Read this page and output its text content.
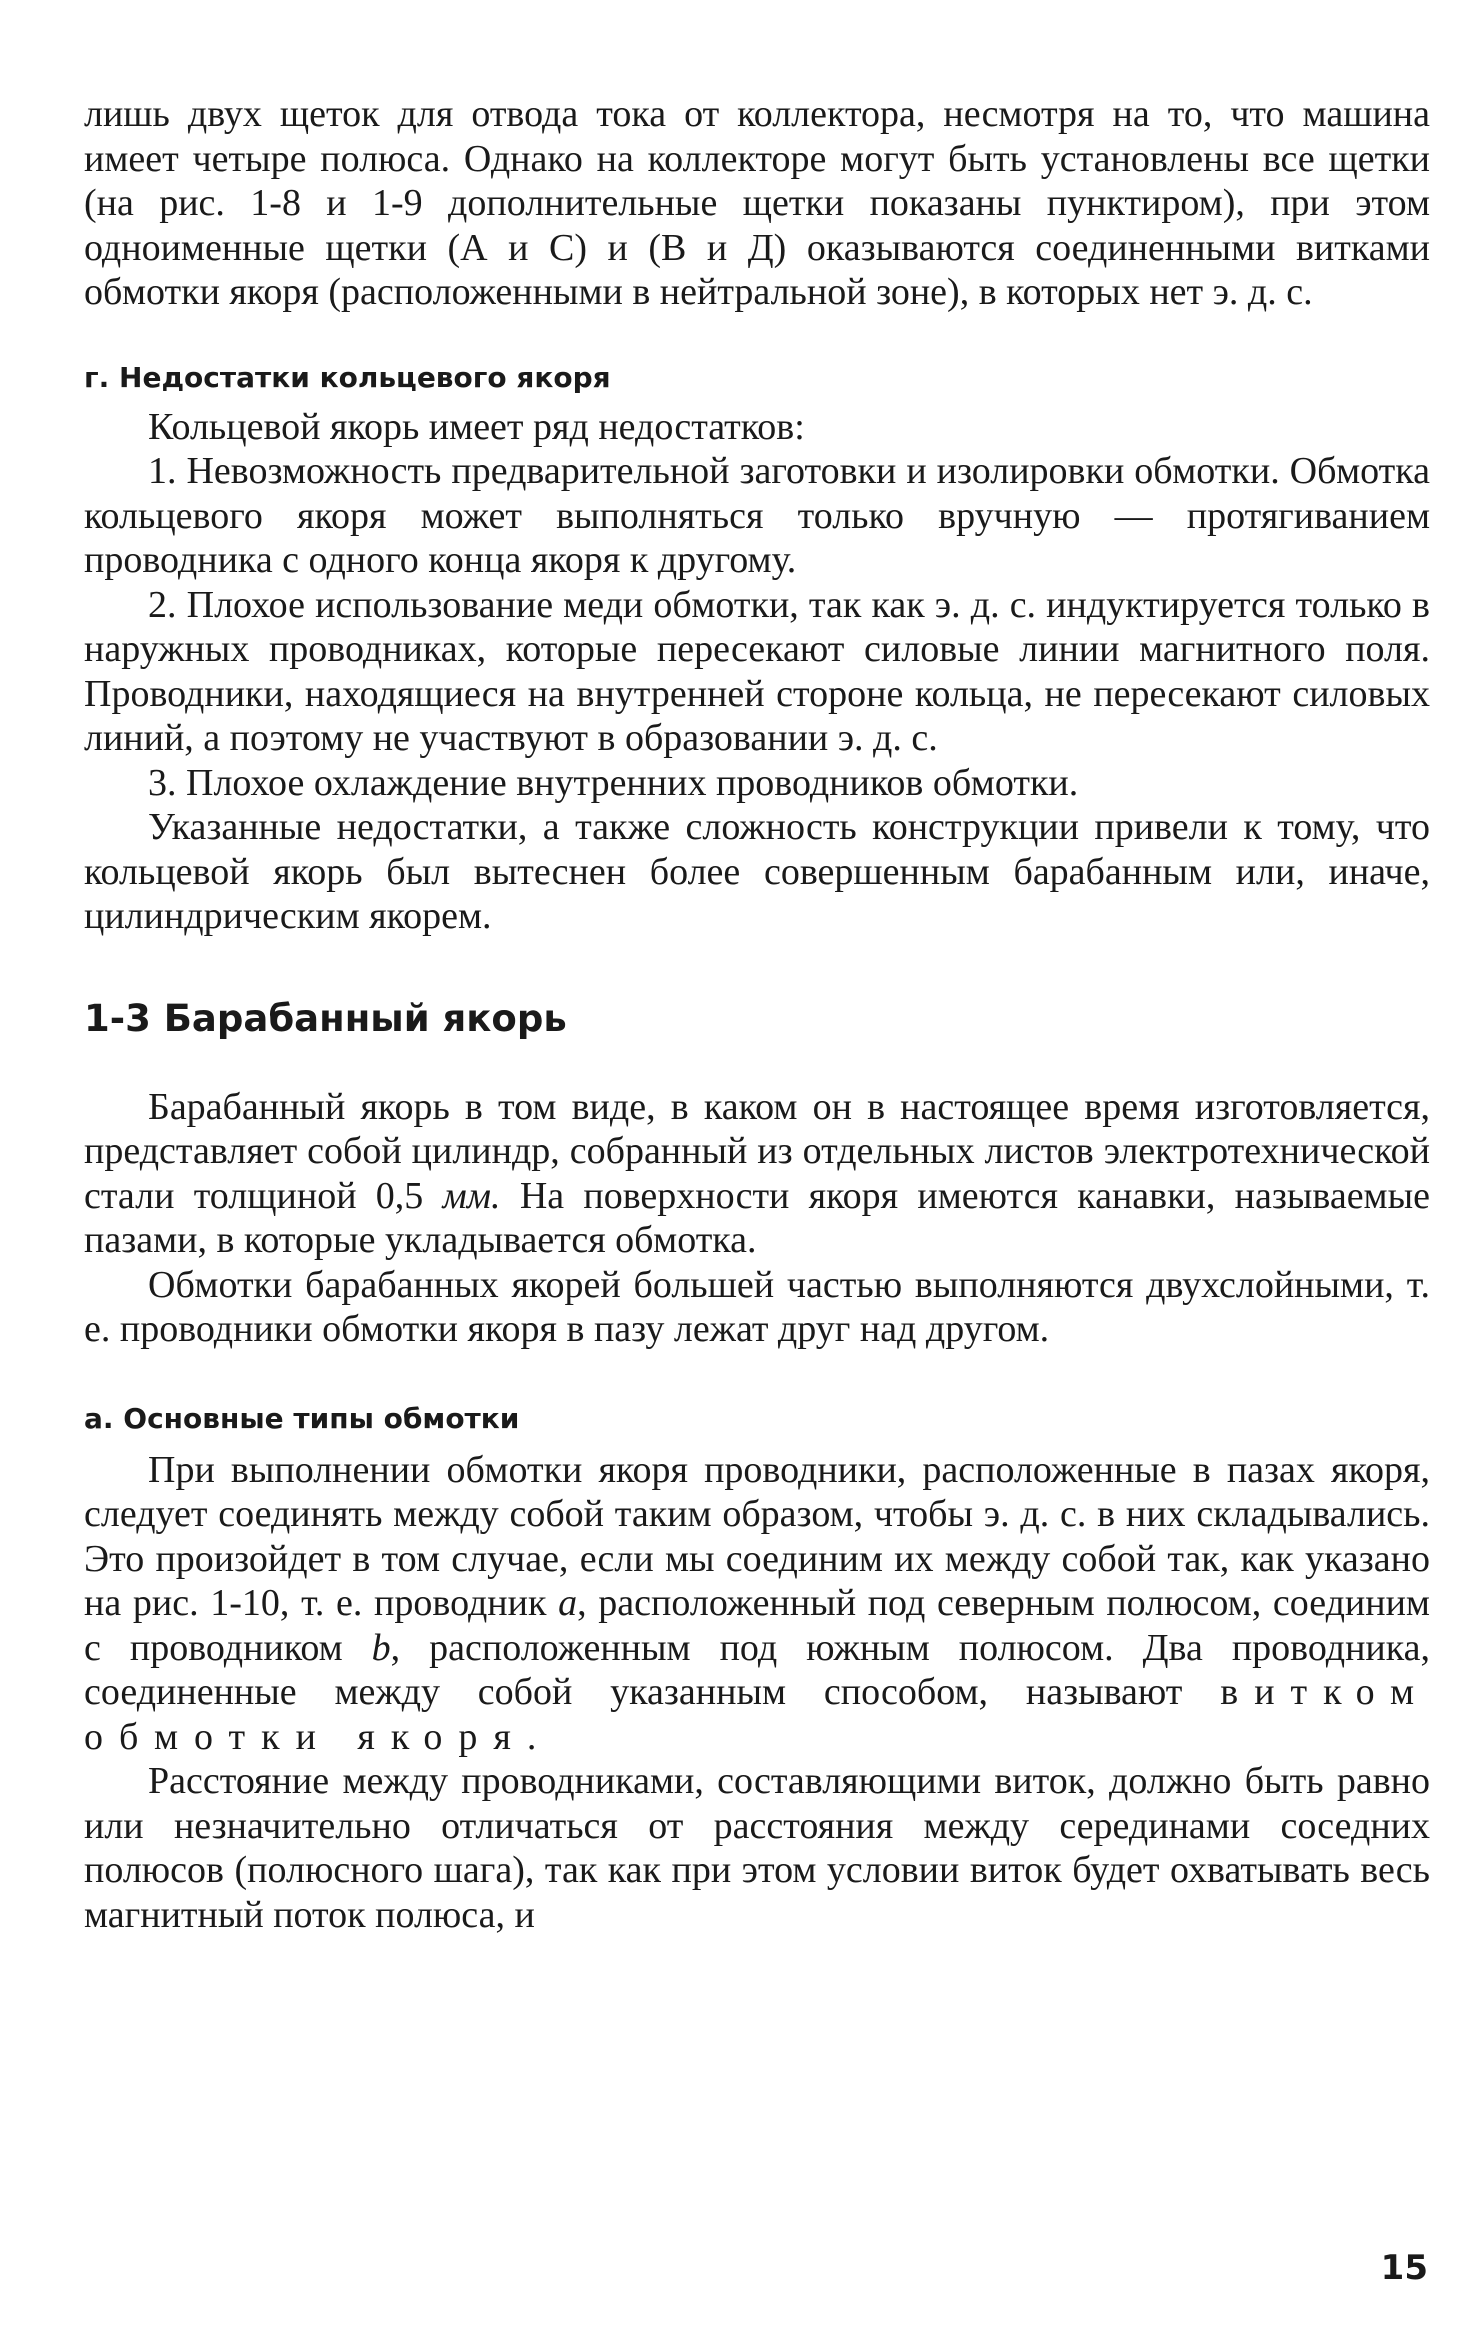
лишь двух щеток для отвода тока от коллектора, несмотря на то, что машина имеет четыре полюса. Однако на коллекторе могут быть установлены все щетки (на рис. 1-8 и 1-9 дополнительные щетки показаны пунктиром), при этом одноименные щетки (А и С) и (В и Д) оказываются соединенными витками обмотки якоря (расположенными в нейтральной зоне), в которых нет э. д. с.

г. Недостатки кольцевого якоря

Кольцевой якорь имеет ряд недостатков:

1. Невозможность предварительной заготовки и изолировки обмотки. Обмотка кольцевого якоря может выполняться только вручную — протягиванием проводника с одного конца якоря к другому.

2. Плохое использование меди обмотки, так как э. д. с. индуктируется только в наружных проводниках, которые пересекают силовые линии магнитного поля. Проводники, находящиеся на внутренней стороне кольца, не пересекают силовых линий, а поэтому не участвуют в образовании э. д. с.

3. Плохое охлаждение внутренних проводников обмотки.

Указанные недостатки, а также сложность конструкции привели к тому, что кольцевой якорь был вытеснен более совершенным барабанным или, иначе, цилиндрическим якорем.

1-3 Барабанный якорь

Барабанный якорь в том виде, в каком он в настоящее время изготовляется, представляет собой цилиндр, собранный из отдельных листов электротехнической стали толщиной 0,5 мм. На поверхности якоря имеются канавки, называемые пазами, в которые укладывается обмотка.

Обмотки барабанных якорей большей частью выполняются двухслойными, т. е. проводники обмотки якоря в пазу лежат друг над другом.

а. Основные типы обмотки

При выполнении обмотки якоря проводники, расположенные в пазах якоря, следует соединять между собой таким образом, чтобы э. д. с. в них складывались. Это произойдет в том случае, если мы соединим их между собой так, как указано на рис. 1-10, т. е. проводник а, расположенный под северным полюсом, соединим с проводником b, расположенным под южным полюсом. Два проводника, соединенные между собой указанным способом, называют витком обмотки якоря.

Расстояние между проводниками, составляющими виток, должно быть равно или незначительно отличаться от расстояния между серединами соседних полюсов (полюсного шага), так как при этом условии виток будет охватывать весь магнитный поток полюса, и

15
